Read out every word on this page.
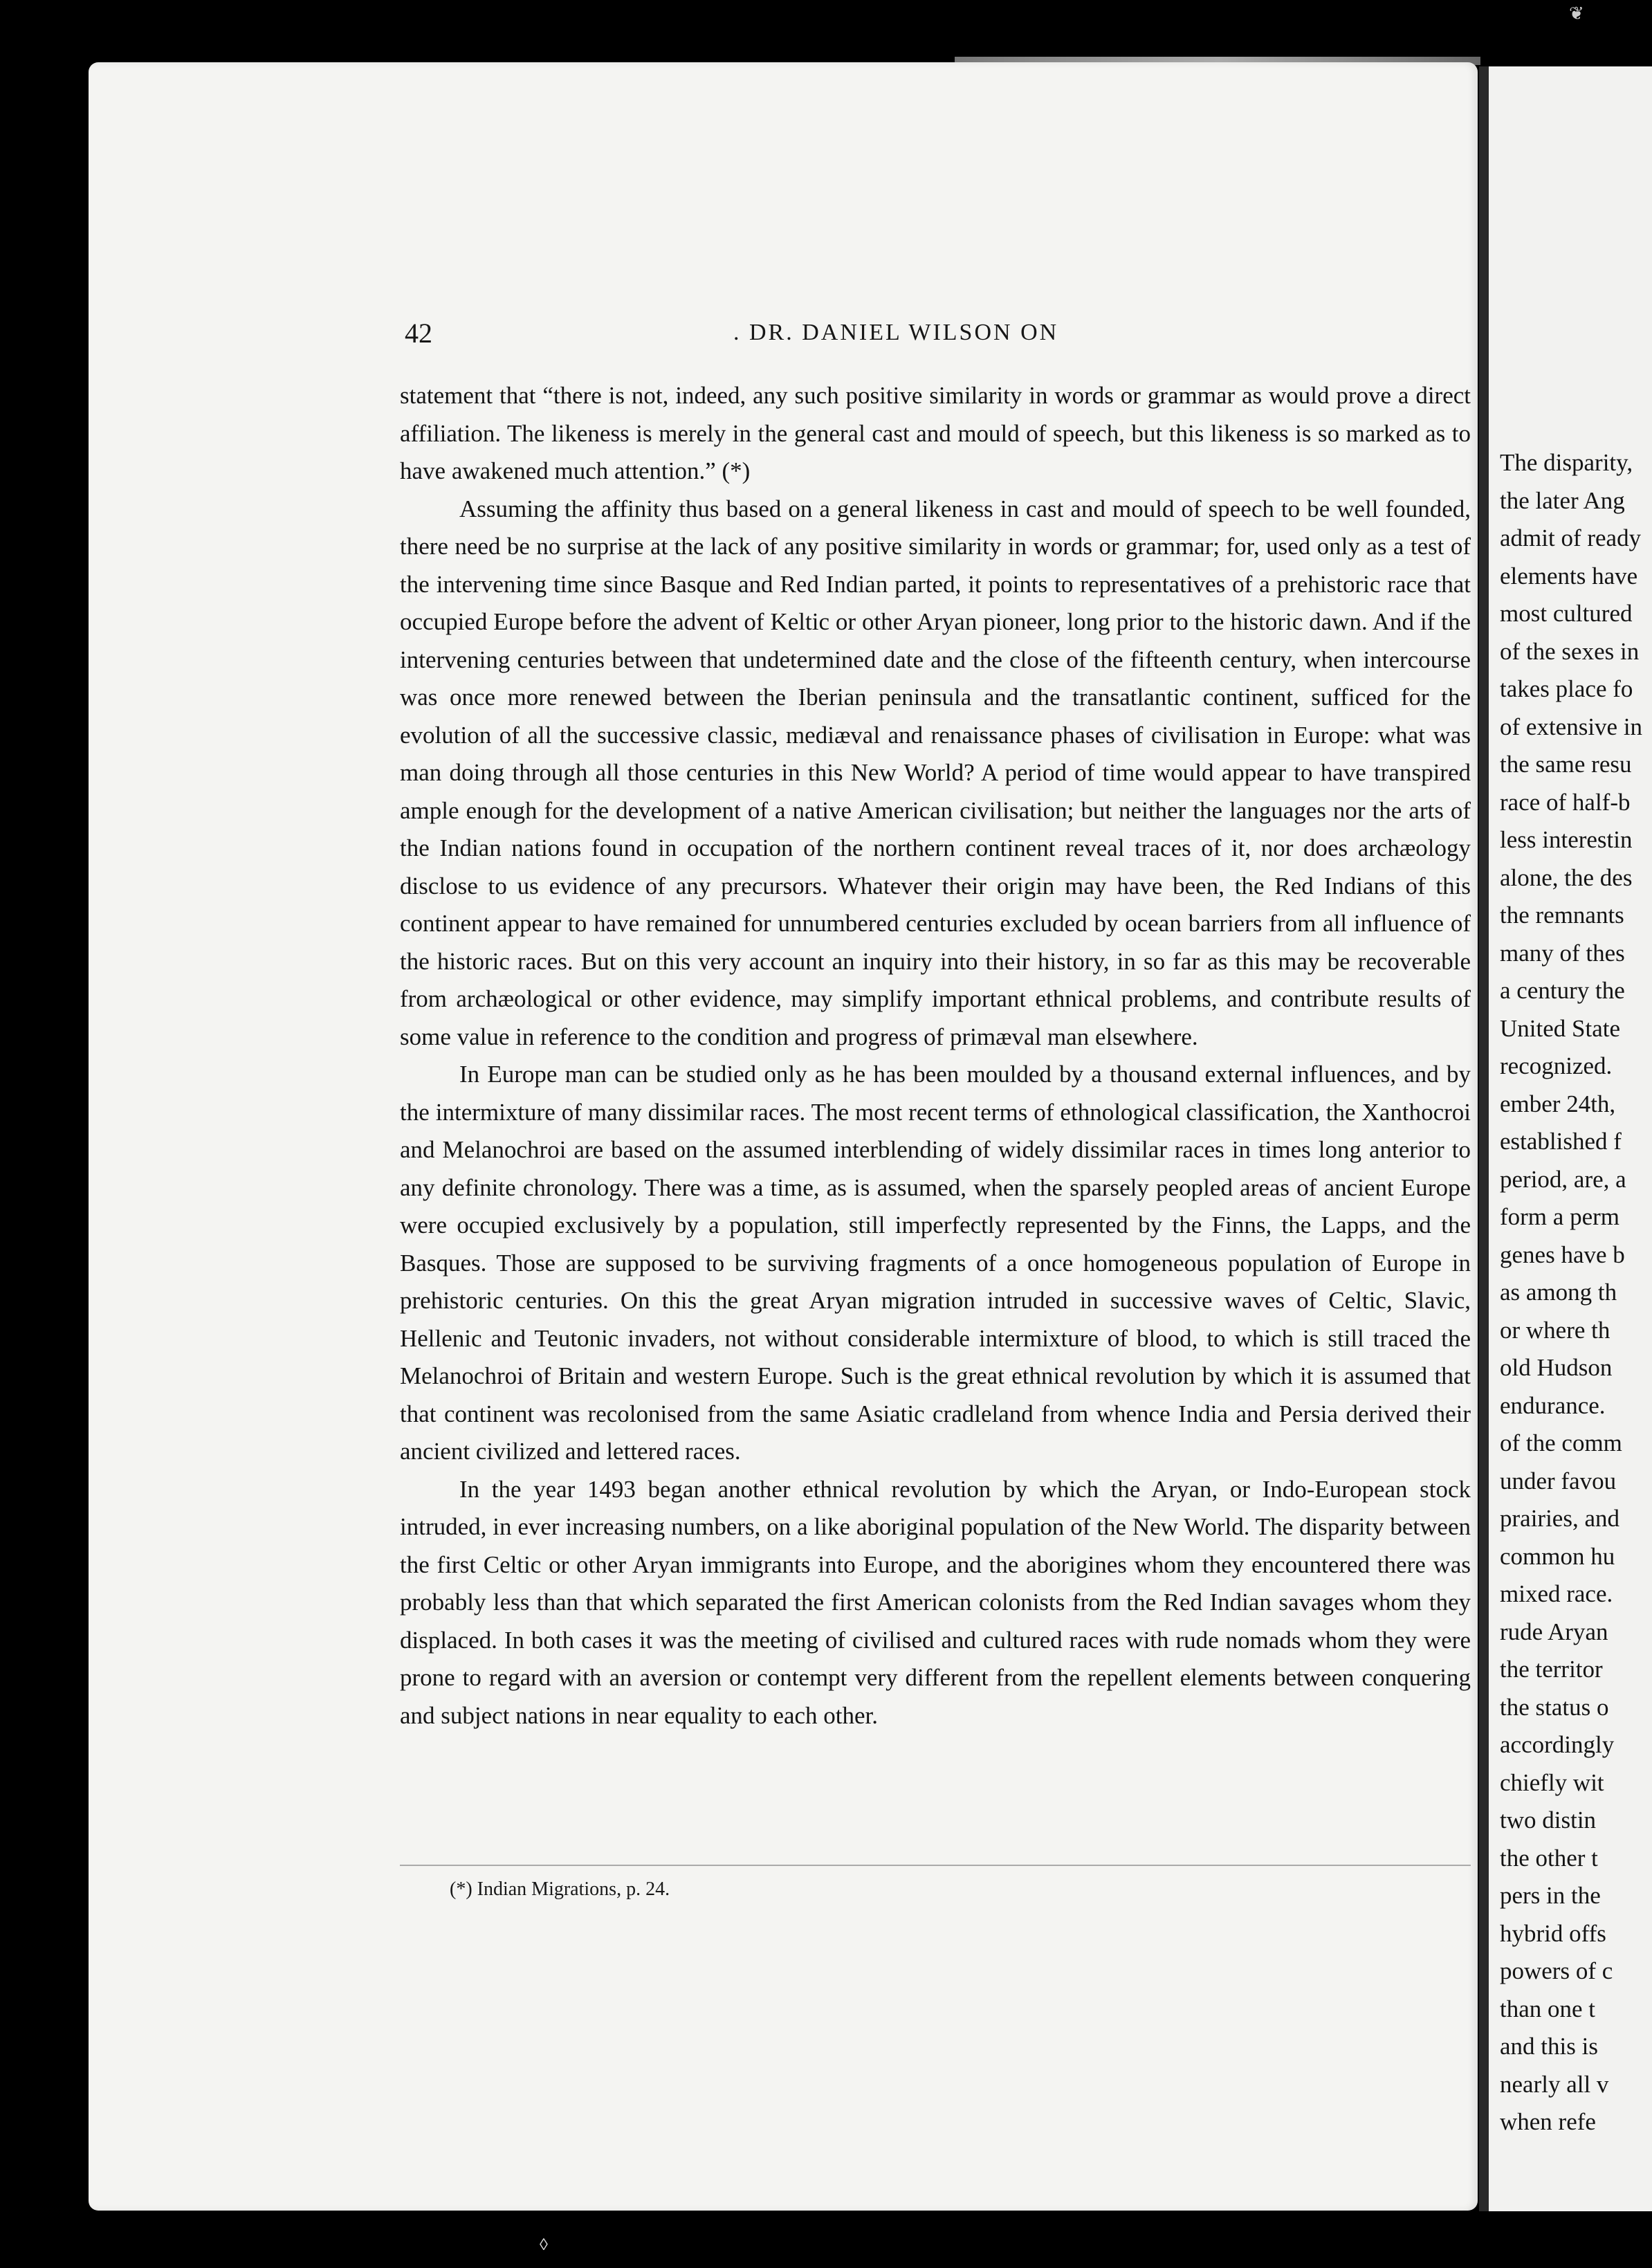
❦
42	. DR. DANIEL WILSON ON

statement that “there is not, indeed, any such positive similarity in words or grammar as would prove a direct affiliation. The likeness is merely in the general cast and mould of speech, but this likeness is so marked as to have awakened much attention.” (*)

Assuming the affinity thus based on a general likeness in cast and mould of speech to be well founded, there need be no surprise at the lack of any positive similarity in words or grammar; for, used only as a test of the intervening time since Basque and Red Indian parted, it points to representatives of a prehistoric race that occupied Europe before the advent of Keltic or other Aryan pioneer, long prior to the historic dawn. And if the intervening centuries between that undetermined date and the close of the fifteenth century, when intercourse was once more renewed between the Iberian peninsula and the transatlantic continent, sufficed for the evolution of all the successive classic, mediæval and renaissance phases of civilisation in Europe: what was man doing through all those centuries in this New World? A period of time would appear to have transpired ample enough for the development of a native American civilisation; but neither the languages nor the arts of the Indian nations found in occupation of the northern continent reveal traces of it, nor does archæology disclose to us evidence of any precursors. Whatever their origin may have been, the Red Indians of this continent appear to have remained for unnumbered centuries excluded by ocean barriers from all influence of the historic races. But on this very account an inquiry into their history, in so far as this may be recoverable from archæological or other evidence, may simplify important ethnical problems, and contribute results of some value in reference to the condition and progress of primæval man elsewhere.

In Europe man can be studied only as he has been moulded by a thousand external influences, and by the intermixture of many dissimilar races. The most recent terms of ethnological classification, the Xanthocroi and Melanochroi are based on the assumed interblending of widely dissimilar races in times long anterior to any definite chronology. There was a time, as is assumed, when the sparsely peopled areas of ancient Europe were occupied exclusively by a population, still imperfectly represented by the Finns, the Lapps, and the Basques. Those are supposed to be surviving fragments of a once homogeneous population of Europe in prehistoric centuries. On this the great Aryan migration intruded in successive waves of Celtic, Slavic, Hellenic and Teutonic invaders, not without considerable intermixture of blood, to which is still traced the Melanochroi of Britain and western Europe. Such is the great ethnical revolution by which it is assumed that that continent was recolonised from the same Asiatic cradleland from whence India and Persia derived their ancient civilized and lettered races.

In the year 1493 began another ethnical revolution by which the Aryan, or Indo-European stock intruded, in ever increasing numbers, on a like aboriginal population of the New World. The disparity between the first Celtic or other Aryan immigrants into Europe, and the aborigines whom they encountered there was probably less than that which separated the first American colonists from the Red Indian savages whom they displaced. In both cases it was the meeting of civilised and cultured races with rude nomads whom they were prone to regard with an aversion or contempt very different from the repellent elements between conquering and subject nations in near equality to each other.

(*) Indian Migrations, p. 24.
The disparity,
the later Ang
admit of ready
elements have
most cultured
of the sexes in
takes place fo
of extensive in
the same resu
race of half-b
less interestin
alone, the des
the remnants
many of thes
a century the
United State
recognized.
ember 24th,
established f
period, are, a
form a perm
genes have b
as among th
or where th
old Hudson
endurance.
of the comm
under favou
prairies, and
common hu
mixed race.
rude Aryan
the territor
the status o
accordingly
chiefly wit
two distin
the other t
pers in the
hybrid offs
powers of c
than one t
and this is
nearly all v
when refe
◊
